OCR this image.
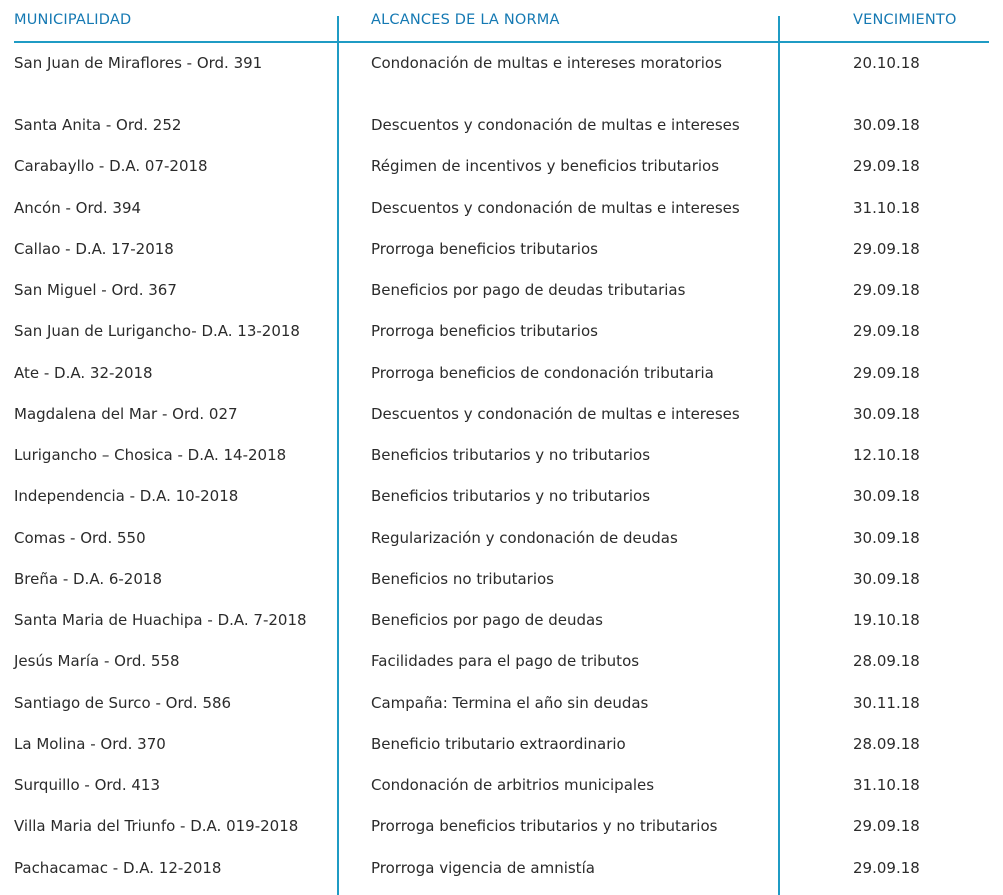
MUNICIPALIDAD	ALCANCES DE LA NORMA	VENCIMIENTO
San Juan de Miraflores - Ord. 391	Condonación de multas e intereses moratorios	20.10.18
Santa Anita - Ord. 252	Descuentos y condonación de multas e intereses	30.09.18
Carabayllo - D.A. 07-2018	Régimen de incentivos y beneficios tributarios	29.09.18
Ancón - Ord. 394	Descuentos y condonación de multas e intereses	31.10.18
Callao - D.A. 17-2018	Prorroga beneficios tributarios	29.09.18
San Miguel - Ord. 367	Beneficios por pago de deudas tributarias	29.09.18
San Juan de Lurigancho- D.A. 13-2018	Prorroga beneficios tributarios	29.09.18
Ate - D.A. 32-2018	Prorroga beneficios de condonación tributaria	29.09.18
Magdalena del Mar - Ord. 027	Descuentos y condonación de multas e intereses	30.09.18
Lurigancho – Chosica - D.A. 14-2018	Beneficios tributarios y no tributarios	12.10.18
Independencia - D.A. 10-2018	Beneficios tributarios y no tributarios	30.09.18
Comas - Ord. 550	Regularización y condonación de deudas	30.09.18
Breña - D.A. 6-2018	Beneficios no tributarios	30.09.18
Santa Maria de Huachipa - D.A. 7-2018	Beneficios por pago de deudas	19.10.18
Jesús María - Ord. 558	Facilidades para el pago de tributos	28.09.18
Santiago de Surco - Ord. 586	Campaña: Termina el año sin deudas	30.11.18
La Molina - Ord. 370	Beneficio tributario extraordinario	28.09.18
Surquillo - Ord. 413	Condonación de arbitrios municipales	31.10.18
Villa Maria del Triunfo - D.A. 019-2018	Prorroga beneficios tributarios y no tributarios	29.09.18
Pachacamac - D.A. 12-2018	Prorroga vigencia de amnistía	29.09.18
